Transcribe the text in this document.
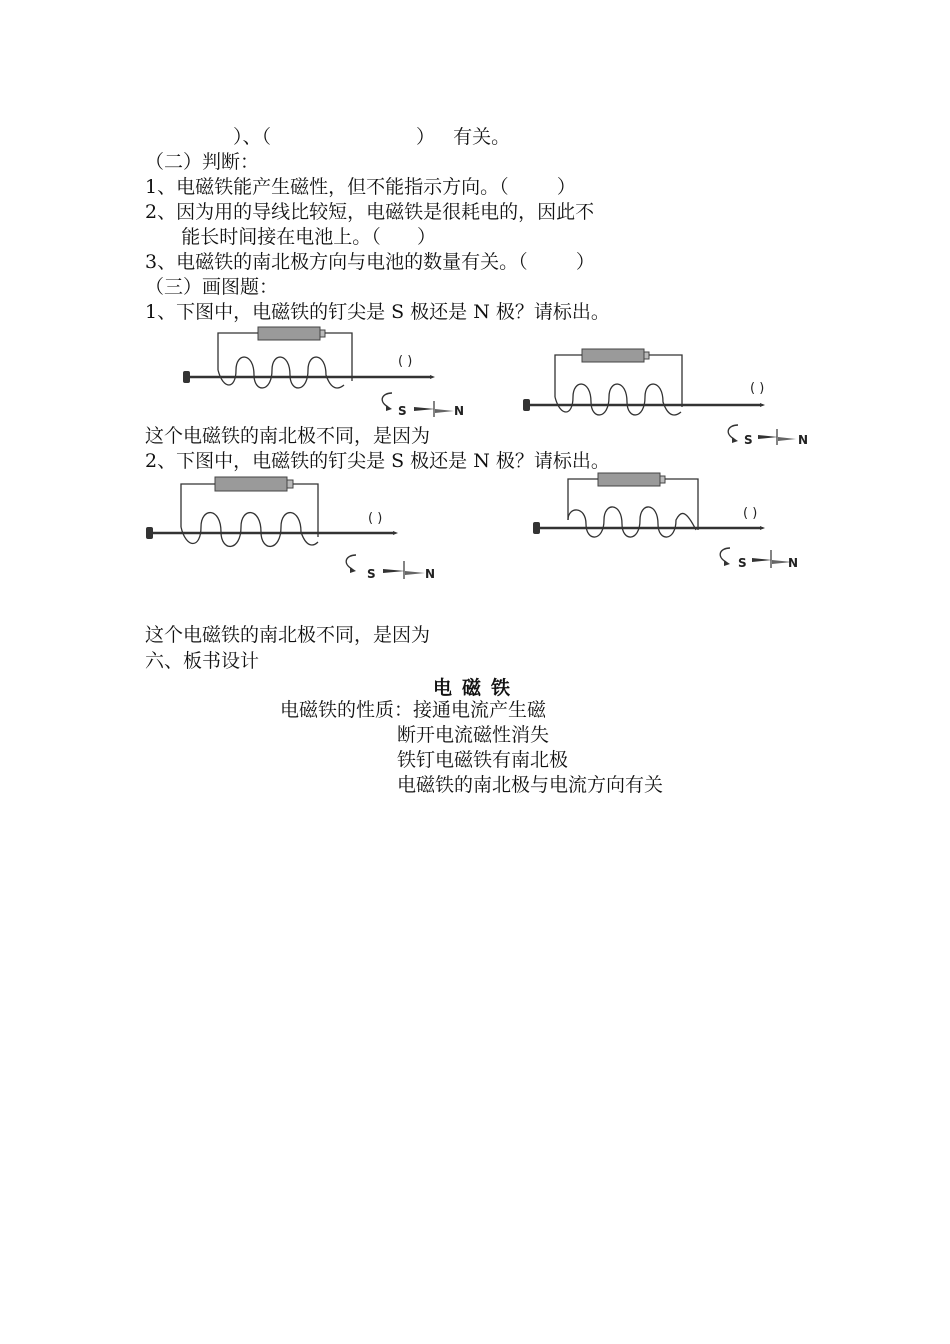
）、（                        ）   有关。
（二）判断：
1、电磁铁能产生磁性，但不能指示方向。（        ）
2、因为用的导线比较短，电磁铁是很耗电的，因此不
能长时间接在电池上。（      ）
3、电磁铁的南北极方向与电池的数量有关。（        ）
（三）画图题：
1、下图中，电磁铁的钉尖是 S 极还是 N 极？请标出。
( )
S	N
( )
S	N
这个电磁铁的南北极不同，是因为
2、下图中，电磁铁的钉尖是 S 极还是 N 极？请标出。
( )
S	N
( )
S	N
这个电磁铁的南北极不同，是因为
六、板书设计
电磁铁
电磁铁的性质：接通电流产生磁
断开电流磁性消失
铁钉电磁铁有南北极
电磁铁的南北极与电流方向有关
